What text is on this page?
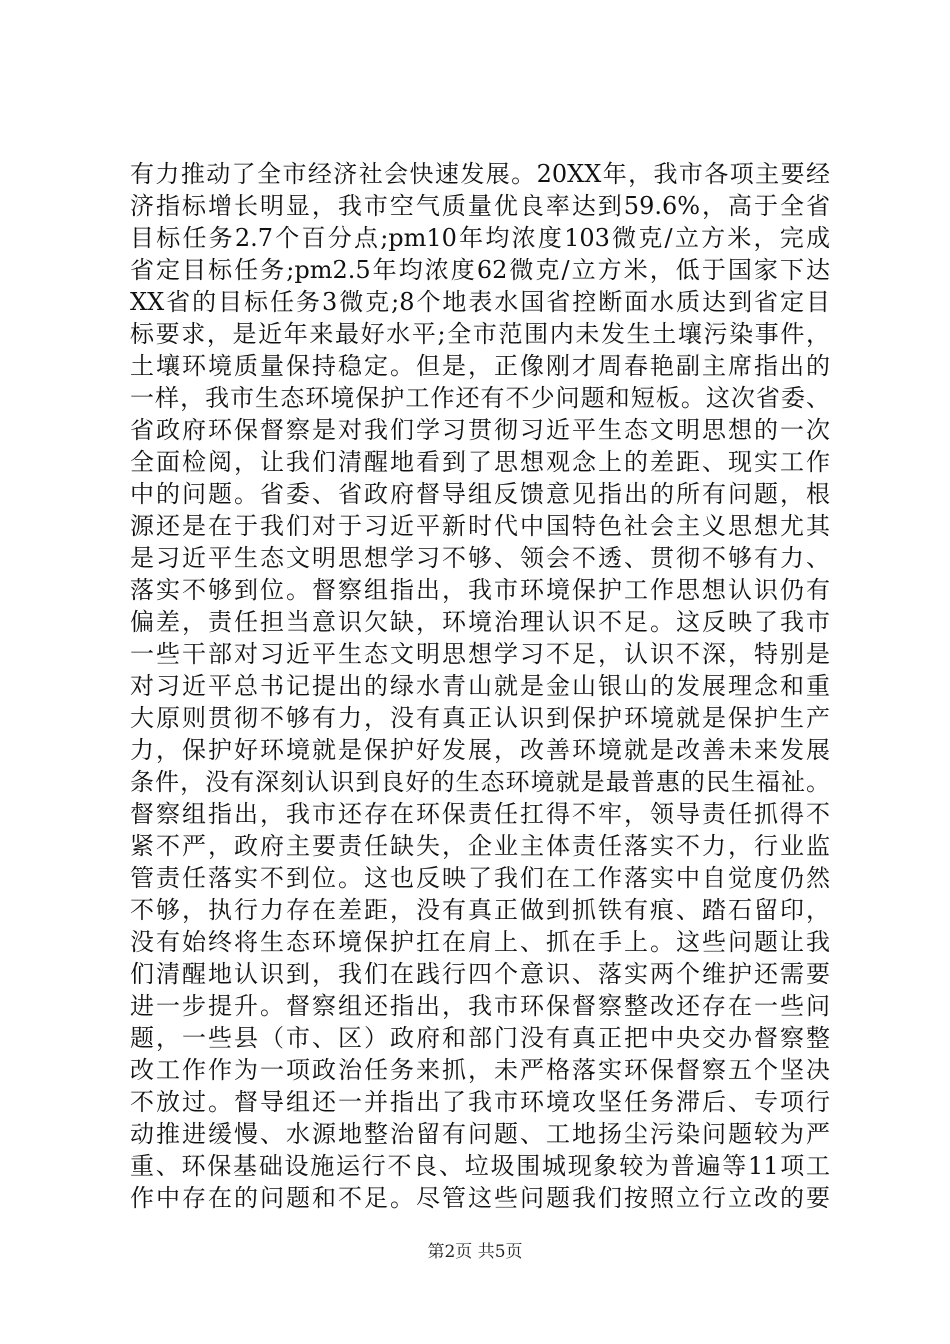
有力推动了全市经济社会快速发展。20XX年，我市各项主要经
济指标增长明显，我市空气质量优良率达到59.6%，高于全省
目标任务2.7个百分点;pm10年均浓度103微克/立方米，完成
省定目标任务;pm2.5年均浓度62微克/立方米，低于国家下达
XX省的目标任务3微克;8个地表水国省控断面水质达到省定目
标要求，是近年来最好水平;全市范围内未发生土壤污染事件，
土壤环境质量保持稳定。但是，正像刚才周春艳副主席指出的
一样，我市生态环境保护工作还有不少问题和短板。这次省委、
省政府环保督察是对我们学习贯彻习近平生态文明思想的一次
全面检阅，让我们清醒地看到了思想观念上的差距、现实工作
中的问题。省委、省政府督导组反馈意见指出的所有问题，根
源还是在于我们对于习近平新时代中国特色社会主义思想尤其
是习近平生态文明思想学习不够、领会不透、贯彻不够有力、
落实不够到位。督察组指出，我市环境保护工作思想认识仍有
偏差，责任担当意识欠缺，环境治理认识不足。这反映了我市
一些干部对习近平生态文明思想学习不足，认识不深，特别是
对习近平总书记提出的绿水青山就是金山银山的发展理念和重
大原则贯彻不够有力，没有真正认识到保护环境就是保护生产
力，保护好环境就是保护好发展，改善环境就是改善未来发展
条件，没有深刻认识到良好的生态环境就是最普惠的民生福祉。
督察组指出，我市还存在环保责任扛得不牢，领导责任抓得不
紧不严，政府主要责任缺失，企业主体责任落实不力，行业监
管责任落实不到位。这也反映了我们在工作落实中自觉度仍然
不够，执行力存在差距，没有真正做到抓铁有痕、踏石留印，
没有始终将生态环境保护扛在肩上、抓在手上。这些问题让我
们清醒地认识到，我们在践行四个意识、落实两个维护还需要
进一步提升。督察组还指出，我市环保督察整改还存在一些问
题，一些县（市、区）政府和部门没有真正把中央交办督察整
改工作作为一项政治任务来抓，未严格落实环保督察五个坚决
不放过。督导组还一并指出了我市环境攻坚任务滞后、专项行
动推进缓慢、水源地整治留有问题、工地扬尘污染问题较为严
重、环保基础设施运行不良、垃圾围城现象较为普遍等11项工
作中存在的问题和不足。尽管这些问题我们按照立行立改的要
第2页 共5页
